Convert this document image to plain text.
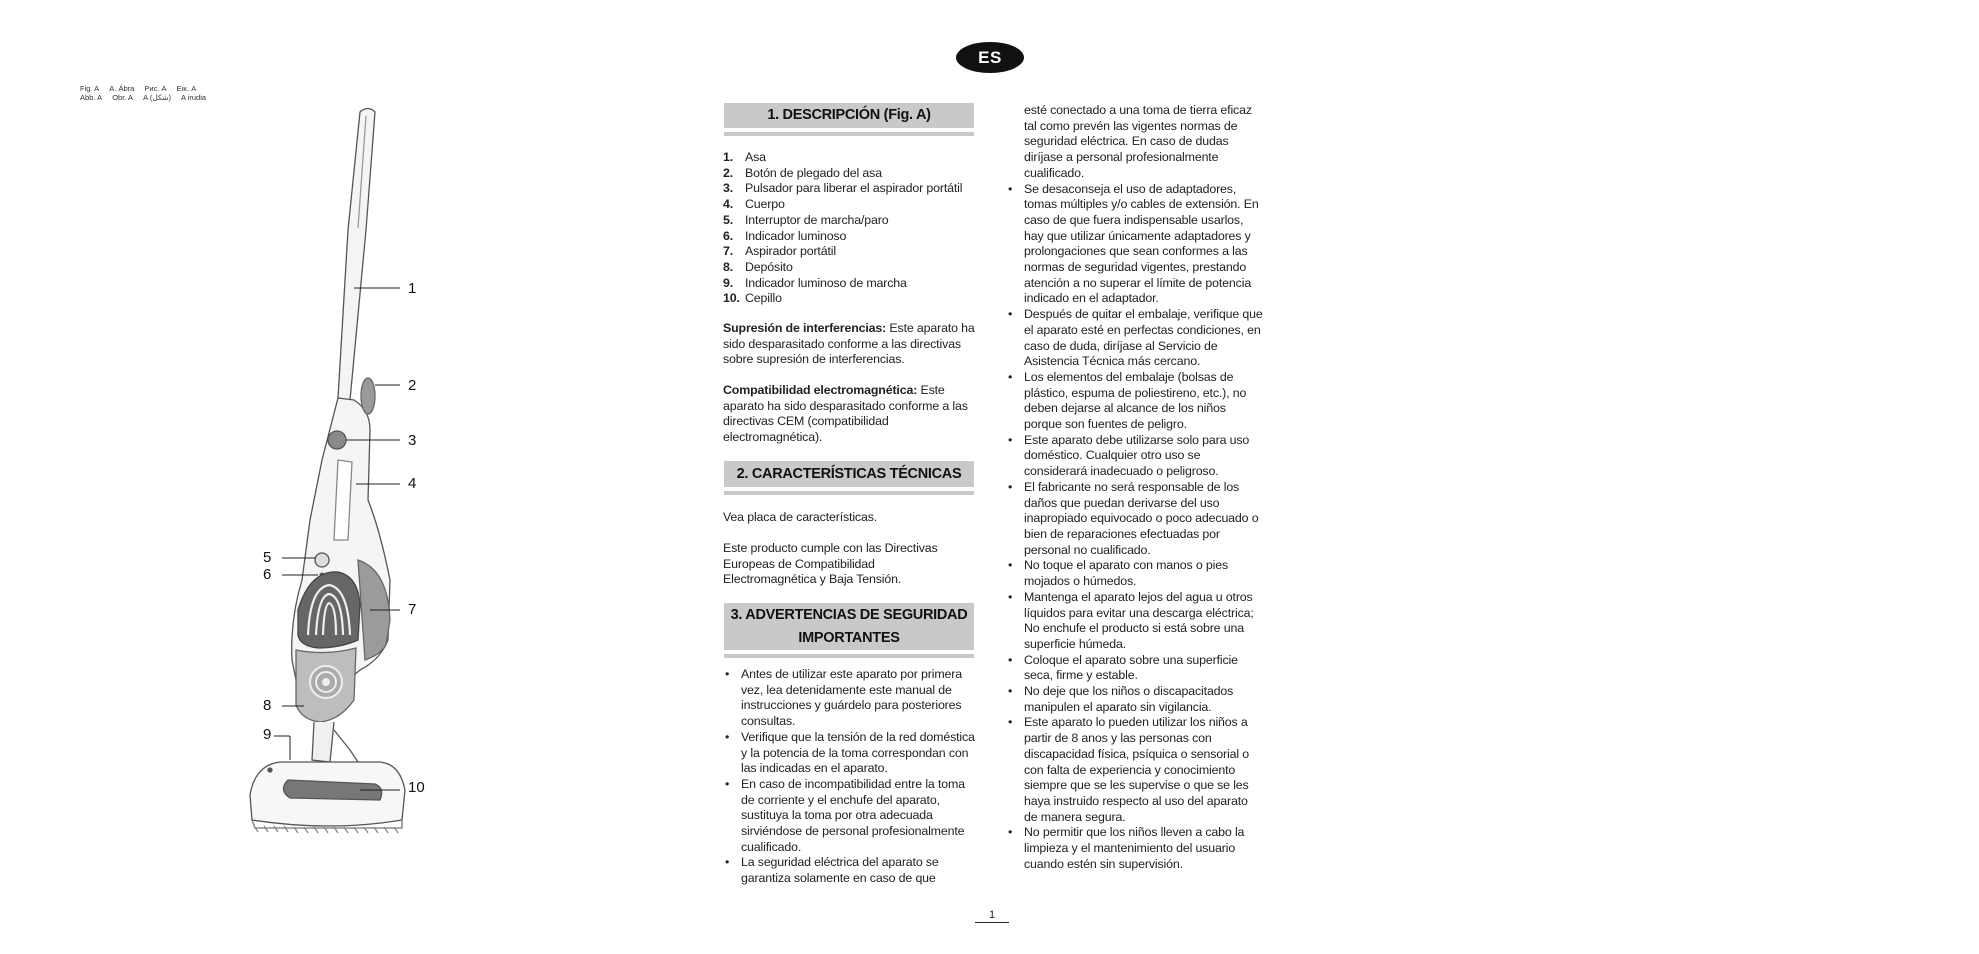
Fig. A A. Ábra Рис. A Εικ. A
Abb. A Obr. A A (شكل) A irudia
1
2
3
4
5
6
7
8
9
10
ES
1. DESCRIPCIÓN (Fig. A)
1. Asa
2. Botón de plegado del asa
3. Pulsador para liberar el aspirador portátil
4. Cuerpo
5. Interruptor de marcha/paro
6. Indicador luminoso
7. Aspirador portátil
8. Depósito
9. Indicador luminoso de marcha
10. Cepillo
Supresión de interferencias: Este aparato ha sido desparasitado conforme a las directivas sobre supresión de interferencias.
Compatibilidad electromagnética: Este aparato ha sido desparasitado conforme a las directivas CEM (compatibilidad electromagnética).
2. CARACTERÍSTICAS TÉCNICAS
Vea placa de características.
Este producto cumple con las Directivas Europeas de Compatibilidad Electromagnética y Baja Tensión.
3. ADVERTENCIAS DE SEGURIDAD
IMPORTANTES
• Antes de utilizar este aparato por primera vez, lea detenidamente este manual de instrucciones y guárdelo para posteriores consultas.
• Verifique que la tensión de la red doméstica y la potencia de la toma correspondan con las indicadas en el aparato.
• En caso de incompatibilidad entre la toma de corriente y el enchufe del aparato, sustituya la toma por otra adecuada sirviéndose de personal profesionalmente cualificado.
• La seguridad eléctrica del aparato se garantiza solamente en caso de que
esté conectado a una toma de tierra eficaz tal como prevén las vigentes normas de seguridad eléctrica. En caso de dudas diríjase a personal profesionalmente cualificado.
• Se desaconseja el uso de adaptadores, tomas múltiples y/o cables de extensión. En caso de que fuera indispensable usarlos, hay que utilizar únicamente adaptadores y prolongaciones que sean conformes a las normas de seguridad vigentes, prestando atención a no superar el límite de potencia indicado en el adaptador.
• Después de quitar el embalaje, verifique que el aparato esté en perfectas condiciones, en caso de duda, diríjase al Servicio de Asistencia Técnica más cercano.
• Los elementos del embalaje (bolsas de plástico, espuma de poliestireno, etc.), no deben dejarse al alcance de los niños porque son fuentes de peligro.
• Este aparato debe utilizarse solo para uso doméstico. Cualquier otro uso se considerará inadecuado o peligroso.
• El fabricante no será responsable de los daños que puedan derivarse del uso inapropiado equivocado o poco adecuado o bien de reparaciones efectuadas por personal no cualificado.
• No toque el aparato con manos o pies mojados o húmedos.
• Mantenga el aparato lejos del agua u otros líquidos para evitar una descarga eléctrica; No enchufe el producto si está sobre una superficie húmeda.
• Coloque el aparato sobre una superficie seca, firme y estable.
• No deje que los niños o discapacitados manipulen el aparato sin vigilancia.
• Este aparato lo pueden utilizar los niños a partir de 8 anos y las personas con discapacidad física, psíquica o sensorial o con falta de experiencia y conocimiento siempre que se les supervise o que se les haya instruido respecto al uso del aparato de manera segura.
• No permitir que los niños lleven a cabo la limpieza y el mantenimiento del usuario cuando estén sin supervisión.
1
